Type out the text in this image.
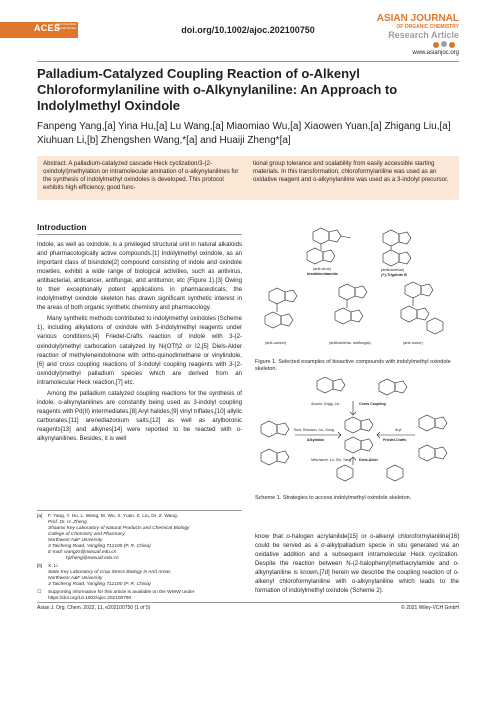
ACES
Asian Chemical Editorial Society	doi.org/10.1002/ajoc.202100750
ASIAN JOURNAL
OF ORGANIC CHEMISTRY
Research Article
www.asianjoc.org
Palladium-Catalyzed Coupling Reaction of o-Alkenyl Chloroformylaniline with o-Alkynylaniline: An Approach to Indolylmethyl Oxindole
Fanpeng Yang,[a] Yina Hu,[a] Lu Wang,[a] Miaomiao Wu,[a] Xiaowen Yuan,[a] Zhigang Liu,[a] Xiuhuan Li,[b] Zhengshen Wang,*[a] and Huaiji Zheng*[a]

Abstract: A palladium-catalyzed cascade Heck cyclization/3-(2-oxindolyl)methylation on intramolecular amination of o-alkynylanilines for the synthesis of indolylmethyl oxindoles is developed. This protocol exhibits high efficiency, good func-

tional group tolerance and scalability from easily accessible starting materials. In this transformation, chloroformylaniline was used as an oxidative reagent and o-alkynylaniline was used as a 3-indolyl precursor.

Introduction

Indole, as well as oxindole, is a privileged structural unit in natural alkaloids and pharmacologically active compounds.[1] Indolylmethyl oxindole, as an important class of bisindole[2] compound consisting of indole and oxindole moieties, exhibit a wide range of biological activities, such as antivirus, antibacterial, anticancer, antifungal, and antitumor, etc (Figure 1).[3] Owing to their exceptionally potent applications in pharmaceuticals, the indolylmethyl oxindole skeleton has drawn significant synthetic interest in the areas of both organic synthetic chemistry and pharmacology.

Many synthetic methods contributed to indolylmethyl oxindoles (Scheme 1), including alkylations of oxindole with 3-indolylmethyl reagents under various conditions,[4] Friedel-Crafts reaction of indole with 3-(2-oxindolyl)methyl carbocation catalyzed by Ni(OTf)2 or I2,[5] Diels-Alder reaction of methyleneindolinone with ortho-quinodimethane or vinylindole,[6] and cross coupling reactions of 3-indolyl coupling reagents with 3-(2-oxindolyl)methyl palladium species which are derived from an intramolecular Heck reaction,[7] etc.

Among the palladium catalyzed coupling reactions for the synthesis of indole, o-alkynylanilines are constantly being used as 3-indolyl coupling reagents with Pd(II) intermediates.[8] Aryl halides,[9] vinyl triflates,[10] allylic carbonates,[11] arenediazonium salts,[12] as well as arylboronic reagents[13] and alkynes[14] were reported to be reacted with o-alkynylanilines. Besides, it is well

(anti-virus)
Insatinimidamide
(antibacterial)
(+)-Trigolute B
(anti-cancer)	(antibacterial, antifungal)	(anti-tumor)
Figure 1. Selected examples of bioactive compounds with indolylmethyl oxindole skeleton.
Suzuki, Grigg, Lin	Cross Coupling
Trost, Romano, Liu, Gong
Alkylation
Aryl
Friedel-Crafts
Melchiorre, Lu, Shi, Yang Diels-Alder
Scheme 1. Strategies to access indolylmethyl oxindole skeleton.

know that o-halogen acrylanilide[15] or o-alkenyl chloroformylaniline[16] could be served as a σ-alkylpalladium specie in situ generated via an oxidative addition and a subsequent intramolecular Heck cyclization. Despite the reaction between N-(2-halophenyl)methacrylamide and o-alkynylaniline is known,[7d] herein we describe the coupling reaction of o-alkenyl chloroformylaniline with o-alkynylaniline which leads to the formation of indolylmethyl oxindole (Scheme 2).

[a]	F. Yang, Y. Hu, L. Wang, M. Wu, X. Yuan, Z. Liu, Dr. Z. Wang,
Prof. Dr. H. Zheng
Shaanxi Key Laboratory of Natural Products and Chemical Biology
College of Chemistry and Pharmacy
Northwest A&F University
3 Taicheng Road, Yangling 712100 (P. R. China)
E-mail: wangzs@nwsuaf.edu.cn
hjzheng@nwsuaf.edu.cn
[b]	X. Li
State Key Laboratory of Crop Stress Biology in Arid Areas
Northwest A&F University
3 Taicheng Road, Yangling 712100 (P. R. China)
☐	Supporting information for this article is available on the WWW under
https://doi.org/10.1002/ajoc.202100750
Asian J. Org. Chem. 2022, 11, e202100750 (1 of 5)	© 2021 Wiley-VCH GmbH
